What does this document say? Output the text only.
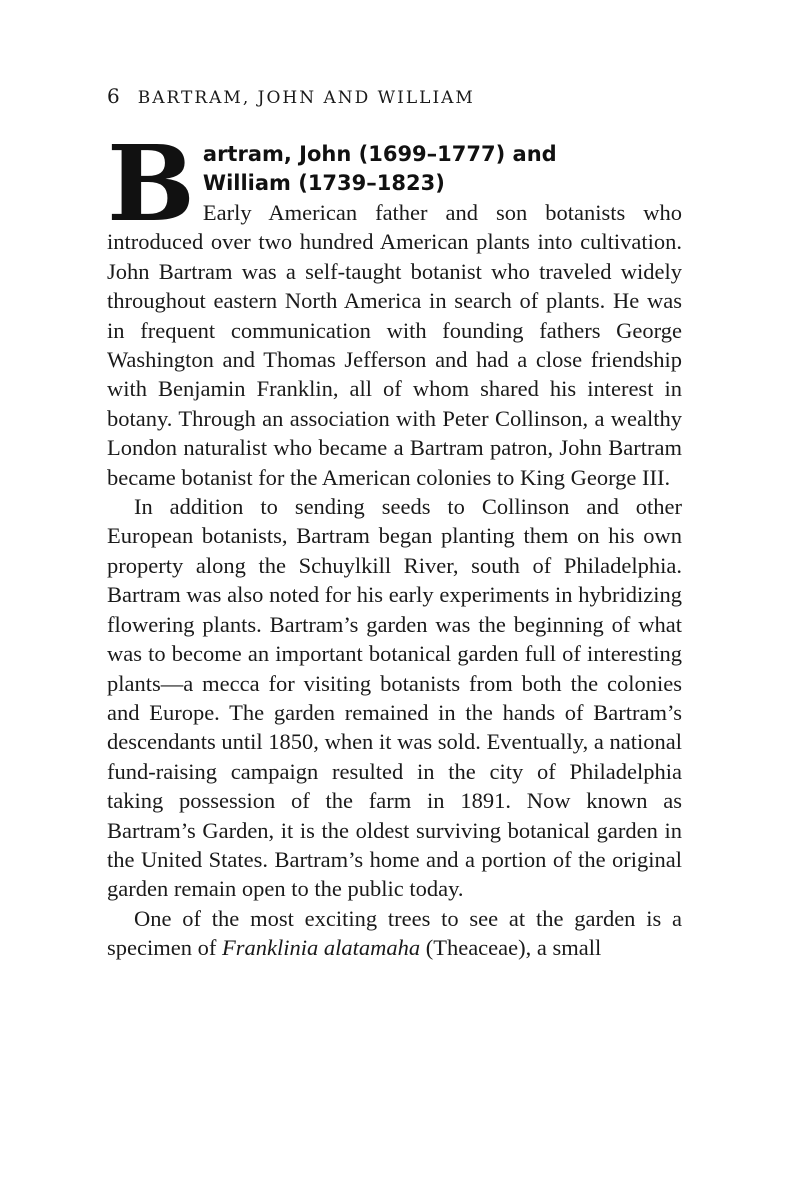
6 BARTRAM, JOHN AND WILLIAM
B artram, John (1699–1777) and
William (1739–1823)

Early American father and son botanists who introduced over two hundred American plants into cultivation. John Bartram was a self-taught botanist who traveled widely throughout eastern North America in search of plants. He was in frequent communication with founding fathers George Washington and Thomas Jefferson and had a close friendship with Benjamin Franklin, all of whom shared his interest in botany. Through an association with Peter Collinson, a wealthy London naturalist who became a Bartram patron, John Bartram became botanist for the American colonies to King George III.

In addition to sending seeds to Collinson and other European botanists, Bartram began planting them on his own property along the Schuylkill River, south of Philadelphia. Bartram was also noted for his early experiments in hybridizing flowering plants. Bartram’s garden was the beginning of what was to become an important botanical garden full of interesting plants—a mecca for visiting botanists from both the colonies and Europe. The garden remained in the hands of Bartram’s descendants until 1850, when it was sold. Eventually, a national fund-raising campaign resulted in the city of Philadelphia taking possession of the farm in 1891. Now known as Bartram’s Garden, it is the oldest surviving botanical garden in the United States. Bartram’s home and a portion of the original garden remain open to the public today.

One of the most exciting trees to see at the garden is a specimen of Franklinia alatamaha (Theaceae), a small
